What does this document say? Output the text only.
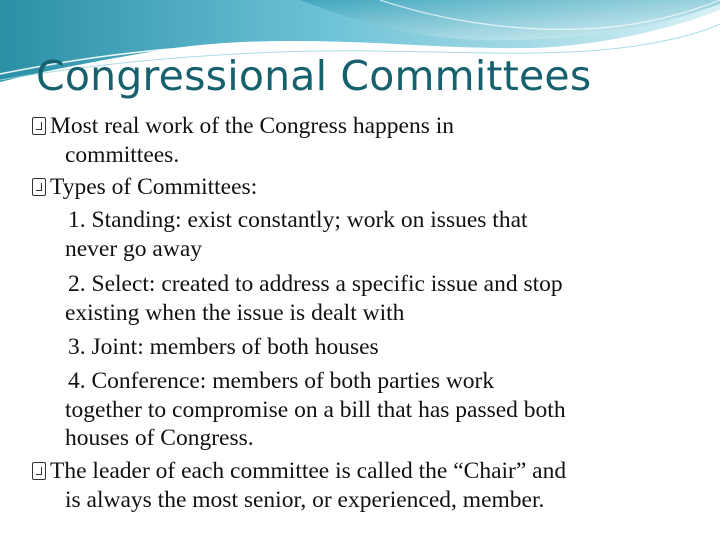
Congressional Committees
Most real work of the Congress happens in
committees.
Types of Committees:
1. Standing: exist constantly; work on issues that
never go away
2. Select: created to address a specific issue and stop
existing when the issue is dealt with
3. Joint: members of both houses
4. Conference: members of both parties work
together to compromise on a bill that has passed both
houses of Congress.
The leader of each committee is called the “Chair” and
is always the most senior, or experienced, member.
